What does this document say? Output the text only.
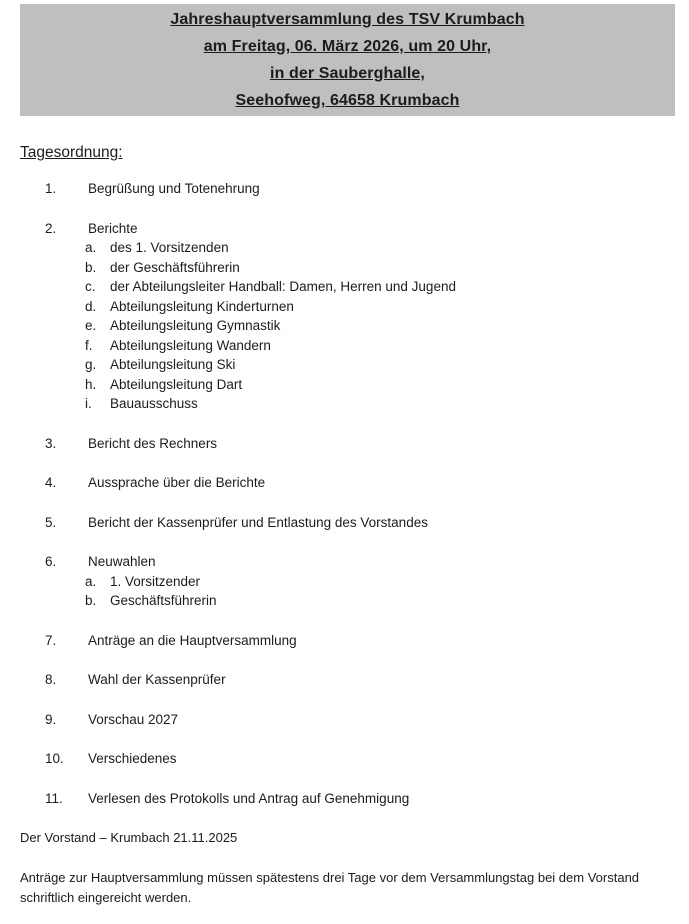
Jahreshauptversammlung des TSV Krumbach
am Freitag, 06. März 2026, um 20 Uhr,
in der Sauberghalle,
Seehofweg, 64658 Krumbach
Tagesordnung:
1.	Begrüßung und Totenehrung
2.	Berichte
a.	des 1. Vorsitzenden
b.	der Geschäftsführerin
c.	der Abteilungsleiter Handball: Damen, Herren und Jugend
d.	Abteilungsleitung Kinderturnen
e.	Abteilungsleitung Gymnastik
f.	Abteilungsleitung Wandern
g.	Abteilungsleitung Ski
h.	Abteilungsleitung Dart
i.	Bauausschuss
3.	Bericht des Rechners
4.	Aussprache über die Berichte
5.	Bericht der Kassenprüfer und Entlastung des Vorstandes
6.	Neuwahlen
a.	1. Vorsitzender
b.	Geschäftsführerin
7.	Anträge an die Hauptversammlung
8.	Wahl der Kassenprüfer
9.	Vorschau 2027
10.	Verschiedenes
11.	Verlesen des Protokolls und Antrag auf Genehmigung
Der Vorstand – Krumbach 21.11.2025
Anträge zur Hauptversammlung müssen spätestens drei Tage vor dem Versammlungstag bei dem Vorstand schriftlich eingereicht werden.
